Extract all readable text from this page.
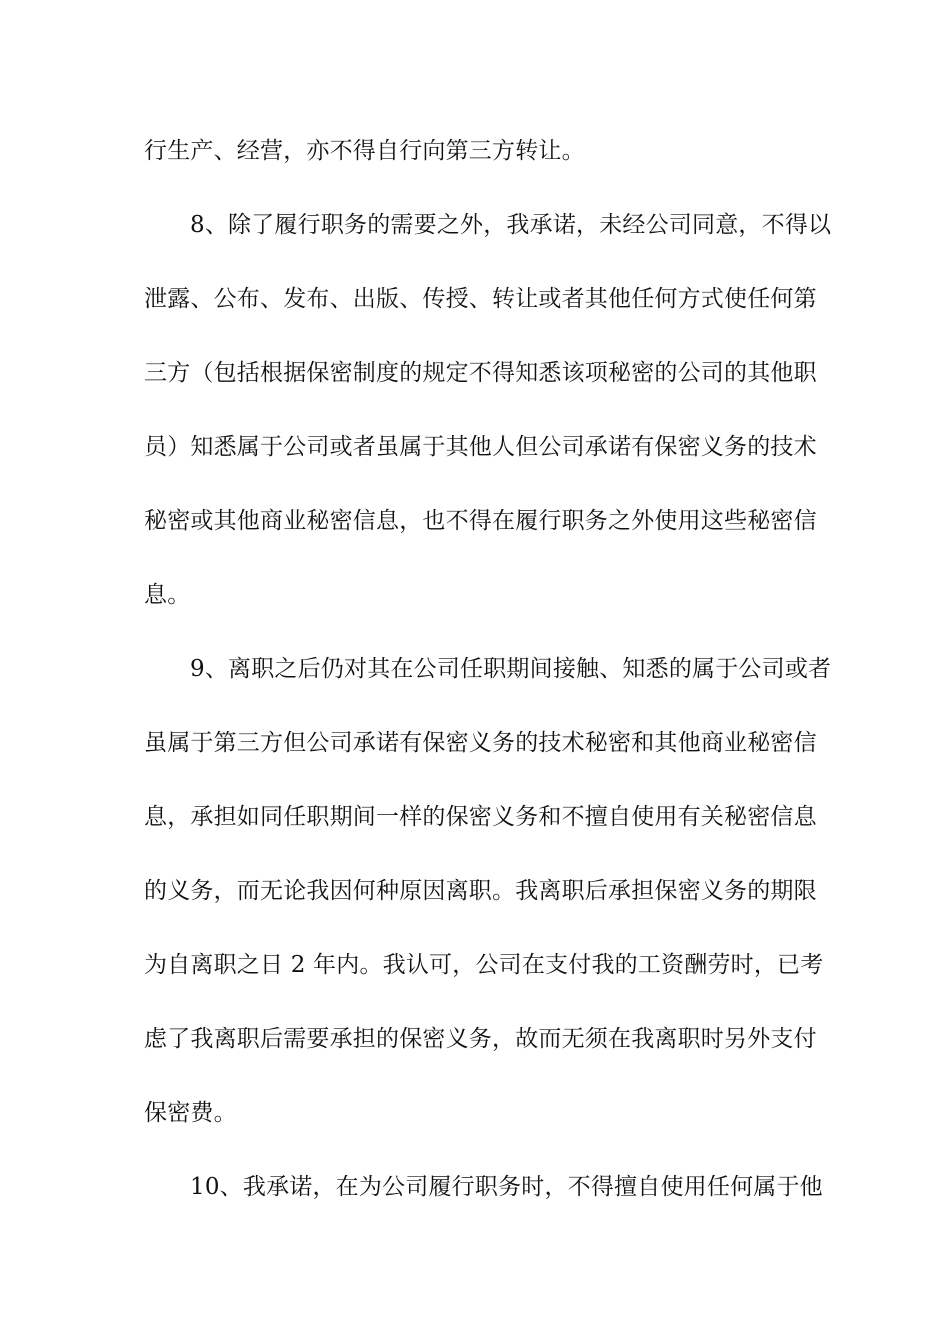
行生产、经营，亦不得自行向第三方转让。
8、除了履行职务的需要之外，我承诺，未经公司同意，不得以
泄露、公布、发布、出版、传授、转让或者其他任何方式使任何第
三方（包括根据保密制度的规定不得知悉该项秘密的公司的其他职
员）知悉属于公司或者虽属于其他人但公司承诺有保密义务的技术
秘密或其他商业秘密信息，也不得在履行职务之外使用这些秘密信
息。
9、离职之后仍对其在公司任职期间接触、知悉的属于公司或者
虽属于第三方但公司承诺有保密义务的技术秘密和其他商业秘密信
息，承担如同任职期间一样的保密义务和不擅自使用有关秘密信息
的义务，而无论我因何种原因离职。我离职后承担保密义务的期限
为自离职之日 2 年内。我认可，公司在支付我的工资酬劳时，已考
虑了我离职后需要承担的保密义务，故而无须在我离职时另外支付
保密费。
10、我承诺，在为公司履行职务时，不得擅自使用任何属于他
